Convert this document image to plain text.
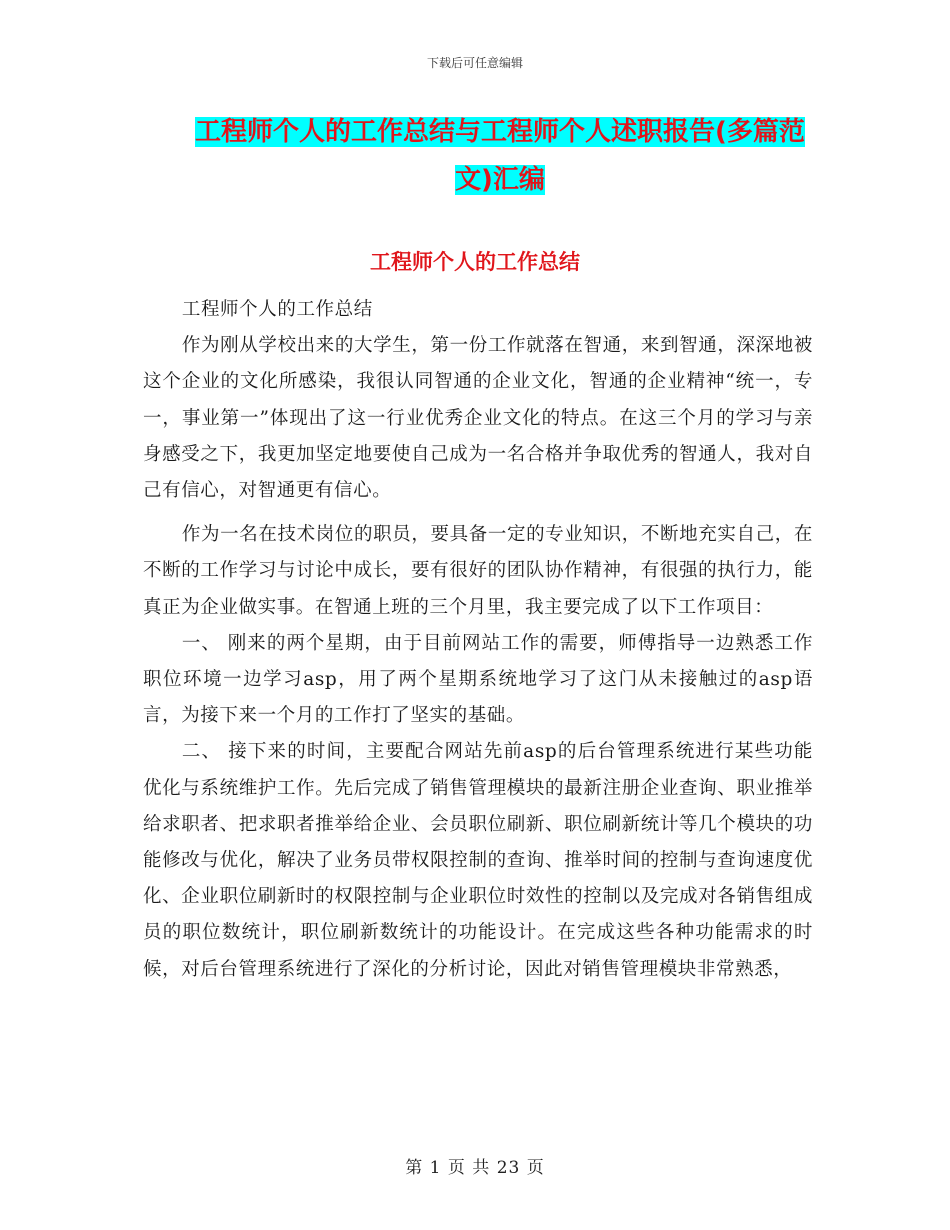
下载后可任意编辑
工程师个人的工作总结与工程师个人述职报告(多篇范文)汇编
工程师个人的工作总结

工程师个人的工作总结

作为刚从学校出来的大学生，第一份工作就落在智通，来到智通，深深地被这个企业的文化所感染，我很认同智通的企业文化，智通的企业精神“统一，专一，事业第一”体现出了这一行业优秀企业文化的特点。在这三个月的学习与亲身感受之下，我更加坚定地要使自己成为一名合格并争取优秀的智通人，我对自己有信心，对智通更有信心。

作为一名在技术岗位的职员，要具备一定的专业知识，不断地充实自己，在不断的工作学习与讨论中成长，要有很好的团队协作精神，有很强的执行力，能真正为企业做实事。在智通上班的三个月里，我主要完成了以下工作项目：

一、 刚来的两个星期，由于目前网站工作的需要，师傅指导一边熟悉工作职位环境一边学习asp，用了两个星期系统地学习了这门从未接触过的asp语言，为接下来一个月的工作打了坚实的基础。

二、 接下来的时间，主要配合网站先前asp的后台管理系统进行某些功能优化与系统维护工作。先后完成了销售管理模块的最新注册企业查询、职业推举给求职者、把求职者推举给企业、会员职位刷新、职位刷新统计等几个模块的功能修改与优化，解决了业务员带权限控制的查询、推举时间的控制与查询速度优化、企业职位刷新时的权限控制与企业职位时效性的控制以及完成对各销售组成员的职位数统计，职位刷新数统计的功能设计。在完成这些各种功能需求的时候，对后台管理系统进行了深化的分析讨论，因此对销售管理模块非常熟悉，

第 1 页 共 23 页
